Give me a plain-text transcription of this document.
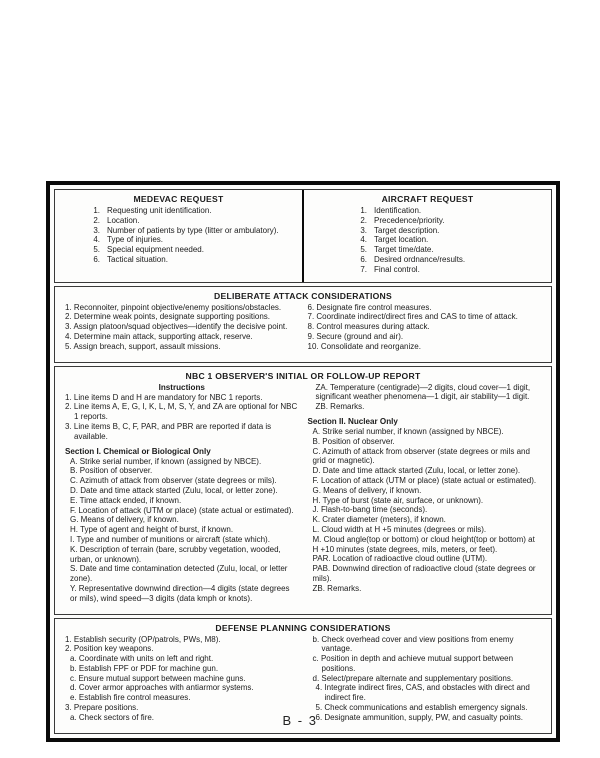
MEDEVAC REQUEST
1. Requesting unit identification.
2. Location.
3. Number of patients by type (litter or ambulatory).
4. Type of injuries.
5. Special equipment needed.
6. Tactical situation.
AIRCRAFT REQUEST
1. Identification.
2. Precedence/priority.
3. Target description.
4. Target location.
5. Target time/date.
6. Desired ordnance/results.
7. Final control.
DELIBERATE ATTACK CONSIDERATIONS

1. Reconnoiter, pinpoint objective/enemy positions/obstacles.

2. Determine weak points, designate supporting positions.

3. Assign platoon/squad objectives—identify the decisive point.

4. Determine main attack, supporting attack, reserve.

5. Assign breach, support, assault missions.

6. Designate fire control measures.

7. Coordinate indirect/direct fires and CAS to time of attack.

8. Control measures during attack.

9. Secure (ground and air).

10. Consolidate and reorganize.

NBC 1 OBSERVER'S INITIAL OR FOLLOW-UP REPORT
Instructions

1. Line items D and H are mandatory for NBC 1 reports.

2. Line items A, E, G, I, K, L, M, S, Y, and ZA are optional for NBC 1 reports.

3. Line items B, C, F, PAR, and PBR are reported if data is available.

Section I. Chemical or Biological Only

A. Strike serial number, if known (assigned by NBCE).

B. Position of observer.

C. Azimuth of attack from observer (state degrees or mils).

D. Date and time attack started (Zulu, local, or letter zone).

E. Time attack ended, if known.

F. Location of attack (UTM or place) (state actual or estimated).

G. Means of delivery, if known.

H. Type of agent and height of burst, if known.

I. Type and number of munitions or aircraft (state which).

K. Description of terrain (bare, scrubby vegetation, wooded, urban, or unknown).

S. Date and time contamination detected (Zulu, local, or letter zone).

Y. Representative downwind direction—4 digits (state degrees or mils), wind speed—3 digits (data kmph or knots).

ZA. Temperature (centigrade)—2 digits, cloud cover—1 digit, significant weather phenomena—1 digit, air stability—1 digit.

ZB. Remarks.

Section II. Nuclear Only

A. Strike serial number, if known (assigned by NBCE).

B. Position of observer.

C. Azimuth of attack from observer (state degrees or mils and grid or magnetic).

D. Date and time attack started (Zulu, local, or letter zone).

F. Location of attack (UTM or place) (state actual or estimated).

G. Means of delivery, if known.

H. Type of burst (state air, surface, or unknown).

J. Flash-to-bang time (seconds).

K. Crater diameter (meters), if known.

L. Cloud width at H +5 minutes (degrees or mils).

M. Cloud angle(top or bottom) or cloud height(top or bottom) at H +10 minutes (state degrees, mils, meters, or feet).

PAR. Location of radioactive cloud outline (UTM).

PAB. Downwind direction of radioactive cloud (state degrees or mils).

ZB. Remarks.

DEFENSE PLANNING CONSIDERATIONS

1. Establish security (OP/patrols, PWs, M8).

2. Position key weapons.

a. Coordinate with units on left and right.

b. Establish FPF or PDF for machine gun.

c. Ensure mutual support between machine guns.

d. Cover armor approaches with antiarmor systems.

e. Establish fire control measures.

3. Prepare positions.

a. Check sectors of fire.

b. Check overhead cover and view positions from enemy vantage.

c. Position in depth and achieve mutual support between positions.

d. Select/prepare alternate and supplementary positions.

4. Integrate indirect fires, CAS, and obstacles with direct and indirect fire.

5. Check communications and establish emergency signals.

6. Designate ammunition, supply, PW, and casualty points.

B - 3
